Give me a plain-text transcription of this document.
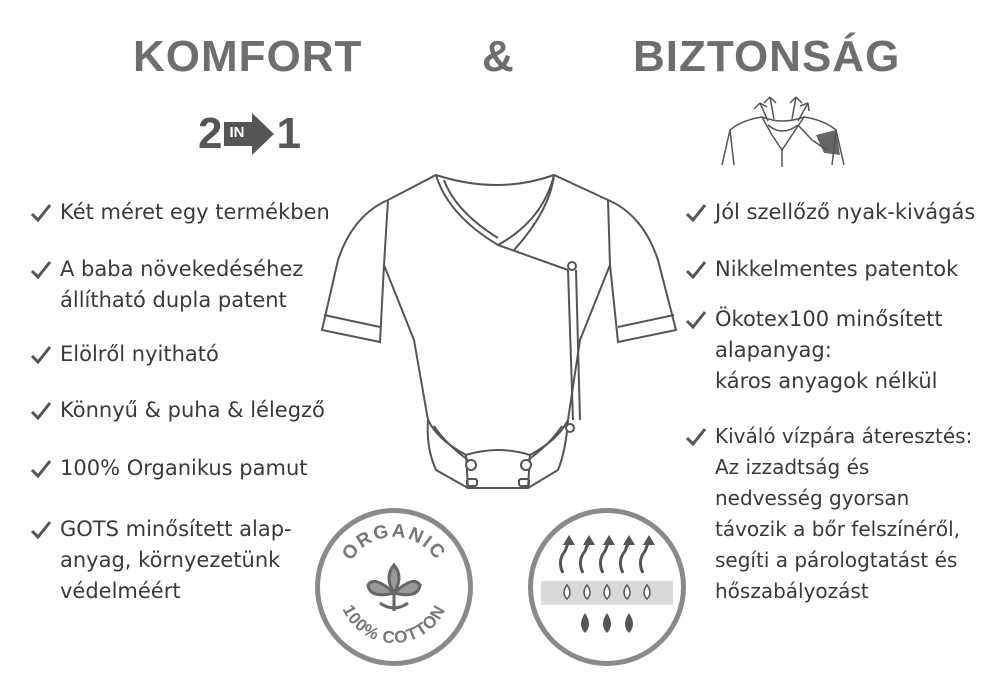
KOMFORT	&	BIZTONSÁG
2 IN 1
Két méret egy termékben
A baba növekedéséhez
állítható dupla patent
Elölről nyitható
Könnyű & puha & lélegző
100% Organikus pamut
GOTS minősített alap-
anyag, környezetünk
védelméért
Jól szellőző nyak-kivágás
Nikkelmentes patentok
Ökotex100 minősített
alapanyag:
káros anyagok nélkül
Kiváló vízpára áteresztés:
Az izzadtság és
nedvesség gyorsan
távozik a bőr felszínéről,
segíti a párologtatást és
hőszabályozást
ORGANIC
100% COTTON
